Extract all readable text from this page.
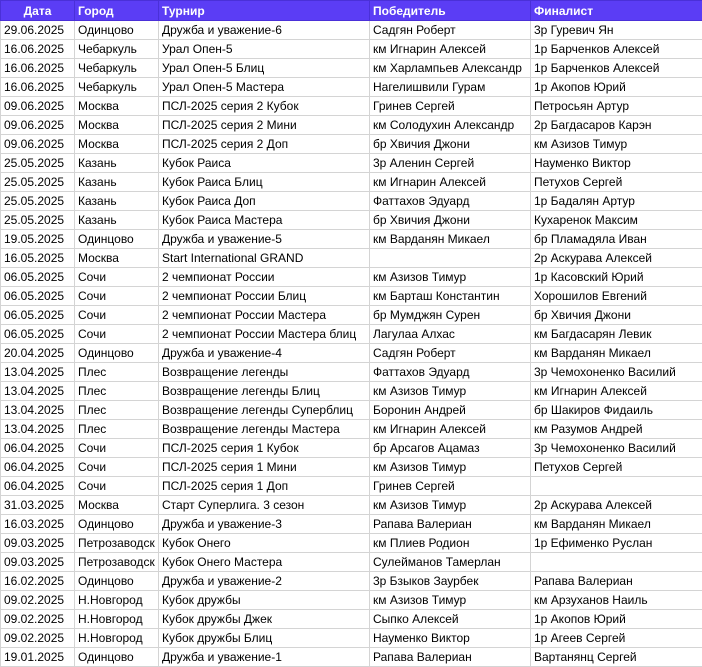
Дата	Город	Турнир	Победитель	Финалист
29.06.2025	Одинцово	Дружба и уважение-6	Садгян Роберт	3р Гуревич Ян
16.06.2025	Чебаркуль	Урал Опен-5	км Игнарин Алексей	1р Барченков Алексей
16.06.2025	Чебаркуль	Урал Опен-5 Блиц	км Харлампьев Александр	1р Барченков Алексей
16.06.2025	Чебаркуль	Урал Опен-5 Мастера	Нагелишвили Гурам	1р Акопов Юрий
09.06.2025	Москва	ПСЛ-2025 серия 2 Кубок	Гринев Сергей	Петросьян Артур
09.06.2025	Москва	ПСЛ-2025 серия 2 Мини	км Солодухин Александр	2р Багдасаров Карэн
09.06.2025	Москва	ПСЛ-2025 серия 2 Доп	бр Хвичия Джони	км Азизов Тимур
25.05.2025	Казань	Кубок Раиса	3р Аленин Сергей	Науменко Виктор
25.05.2025	Казань	Кубок Раиса Блиц	км Игнарин Алексей	Петухов Сергей
25.05.2025	Казань	Кубок Раиса Доп	Фаттахов Эдуард	1р Бадалян Артур
25.05.2025	Казань	Кубок Раиса Мастера	бр Хвичия Джони	Кухаренок Максим
19.05.2025	Одинцово	Дружба и уважение-5	км Варданян Микаел	бр Пламадяла Иван
16.05.2025	Москва	Start International GRAND		2р Аскурава Алексей
06.05.2025	Сочи	2 чемпионат России	км Азизов Тимур	1р Касовский Юрий
06.05.2025	Сочи	2 чемпионат России Блиц	км Барташ Константин	Хорошилов Евгений
06.05.2025	Сочи	2 чемпионат России Мастера	бр Мумджян Сурен	бр Хвичия Джони
06.05.2025	Сочи	2 чемпионат России Мастера блиц	Лагулаа Алхас	км Багдасарян Левик
20.04.2025	Одинцово	Дружба и уважение-4	Садгян Роберт	км Варданян Микаел
13.04.2025	Плес	Возвращение легенды	Фаттахов Эдуард	3р Чемохоненко Василий
13.04.2025	Плес	Возвращение легенды Блиц	км Азизов Тимур	км Игнарин Алексей
13.04.2025	Плес	Возвращение легенды Суперблиц	Боронин Андрей	бр Шакиров Фидаиль
13.04.2025	Плес	Возвращение легенды Мастера	км Игнарин Алексей	км Разумов Андрей
06.04.2025	Сочи	ПСЛ-2025 серия 1 Кубок	бр Арсагов Ацамаз	3р Чемохоненко Василий
06.04.2025	Сочи	ПСЛ-2025 серия 1 Мини	км Азизов Тимур	Петухов Сергей
06.04.2025	Сочи	ПСЛ-2025 серия 1 Доп	Гринев Сергей	
31.03.2025	Москва	Старт Суперлига. 3 сезон	км Азизов Тимур	2р Аскурава Алексей
16.03.2025	Одинцово	Дружба и уважение-3	Рапава Валериан	км Варданян Микаел
09.03.2025	Петрозаводск	Кубок Онего	км Плиев Родион	1р Ефименко Руслан
09.03.2025	Петрозаводск	Кубок Онего Мастера	Сулейманов Тамерлан	
16.02.2025	Одинцово	Дружба и уважение-2	3р Бзыков Заурбек	Рапава Валериан
09.02.2025	Н.Новгород	Кубок дружбы	км Азизов Тимур	км Арзуханов Наиль
09.02.2025	Н.Новгород	Кубок дружбы Джек	Сыпко Алексей	1р Акопов Юрий
09.02.2025	Н.Новгород	Кубок дружбы Блиц	Науменко Виктор	1р Агеев Сергей
19.01.2025	Одинцово	Дружба и уважение-1	Рапава Валериан	Вартанянц Сергей
